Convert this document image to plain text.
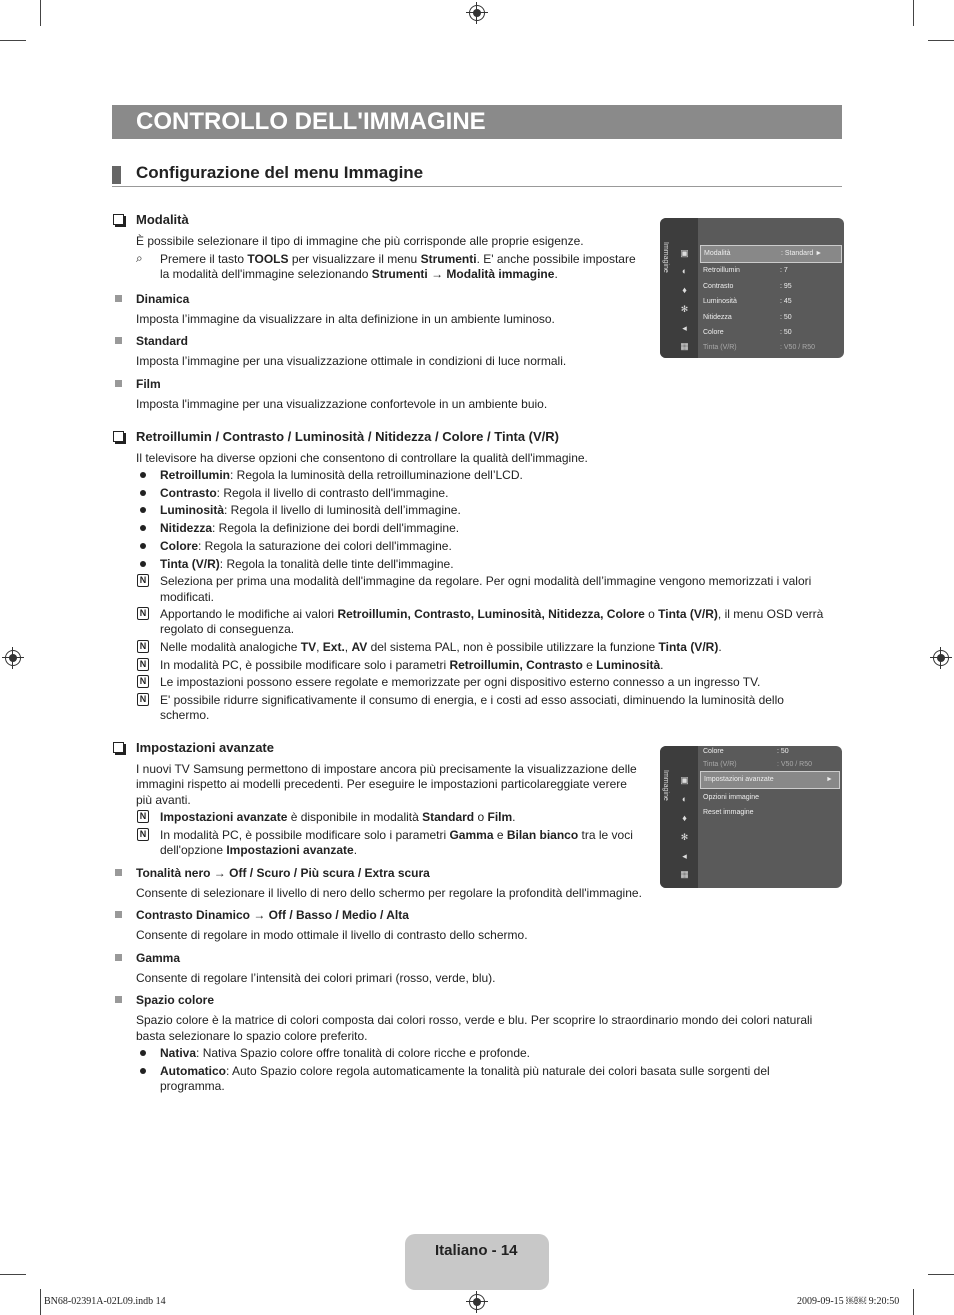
CONTROLLO DELL'IMMAGINE
Configurazione del menu Immagine
Modalità
È possibile selezionare il tipo di immagine che più corrisponde alle proprie esigenze.
⌕ Premere il tasto TOOLS per visualizzare il menu Strumenti. E' anche possibile impostare
la modalità dell'immagine selezionando Strumenti → Modalità immagine.
Dinamica
Imposta l’immagine da visualizzare in alta definizione in un ambiente luminoso.
Standard
Imposta l’immagine per una visualizzazione ottimale in condizioni di luce normali.
Film
Imposta l'immagine per una visualizzazione confortevole in un ambiente buio.
Immagine ▣
◐
♦
✻
◂
▦
Modalità	: Standard ►
Retroillumin	: 7
Contrasto	: 95
Luminosità	: 45
Nitidezza	: 50
Colore	: 50
Tinta (V/R)	: V50 / R50
Retroillumin / Contrasto / Luminosità / Nitidezza / Colore / Tinta (V/R)
Il televisore ha diverse opzioni che consentono di controllare la qualità dell'immagine.
Retroillumin: Regola la luminosità della retroilluminazione dell’LCD.
Contrasto: Regola il livello di contrasto dell'immagine.
Luminosità: Regola il livello di luminosità dell’immagine.
Nitidezza: Regola la definizione dei bordi dell'immagine.
Colore: Regola la saturazione dei colori dell'immagine.
Tinta (V/R): Regola la tonalità delle tinte dell'immagine.
N Seleziona per prima una modalità dell'immagine da regolare. Per ogni modalità dell’immagine vengono memorizzati i valori
modificati.
N Apportando le modifiche ai valori Retroillumin, Contrasto, Luminosità, Nitidezza, Colore o Tinta (V/R), il menu OSD verrà
regolato di conseguenza.
N Nelle modalità analogiche TV, Ext., AV del sistema PAL, non è possibile utilizzare la funzione Tinta (V/R).
N In modalità PC, è possibile modificare solo i parametri Retroillumin, Contrasto e Luminosità.
N Le impostazioni possono essere regolate e memorizzate per ogni dispositivo esterno connesso a un ingresso TV.
N E' possibile ridurre significativamente il consumo di energia, e i costi ad esso associati, diminuendo la luminosità dello
schermo.
Impostazioni avanzate
I nuovi TV Samsung permettono di impostare ancora più precisamente la visualizzazione delle
immagini rispetto ai modelli precedenti. Per eseguire le impostazioni particolareggiate verere
più avanti.
N Impostazioni avanzate è disponibile in modalità Standard o Film.
N In modalità PC, è possibile modificare solo i parametri Gamma e Bilan bianco tra le voci
dell'opzione Impostazioni avanzate.
Tonalità nero → Off / Scuro / Più scura / Extra scura
Consente di selezionare il livello di nero dello schermo per regolare la profondità dell'immagine.
Contrasto Dinamico → Off / Basso / Medio / Alta
Consente di regolare in modo ottimale il livello di contrasto dello schermo.
Gamma
Consente di regolare l’intensità dei colori primari (rosso, verde, blu).
Spazio colore
Spazio colore è la matrice di colori composta dai colori rosso, verde e blu. Per scoprire lo straordinario mondo dei colori naturali
basta selezionare lo spazio colore preferito.
Nativa: Nativa Spazio colore offre tonalità di colore ricche e profonde.
Automatico: Auto Spazio colore regola automaticamente la tonalità più naturale dei colori basata sulle sorgenti del
programma.
Immagine ▣
◐
♦
✻
◂
▦
Colore	: 50
Tinta (V/R)	: V50 / R50
Impostazioni avanzate	►
Opzioni immagine
Reset immagine
Italiano - 14
BN68-02391A-02L09.indb 14	2009-09-15 ￼￼ 9:20:50
